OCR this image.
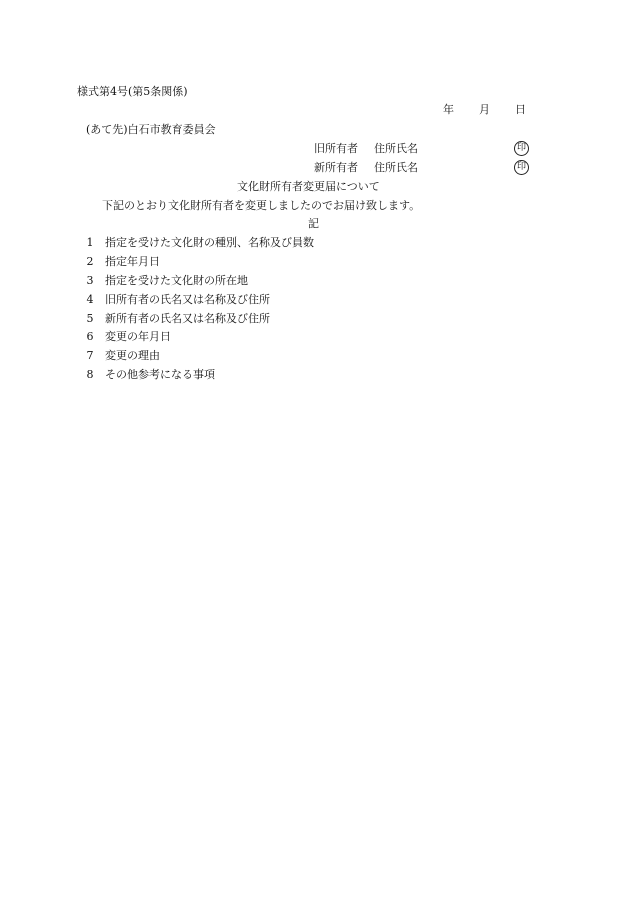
様式第4号(第5条関係)
年 月 日
(あて先)白石市教育委員会
旧所有者 住所氏名	印
新所有者 住所氏名	印
文化財所有者変更届について
下記のとおり文化財所有者を変更しましたのでお届け致します。
記
1 指定を受けた文化財の種別、名称及び員数
2 指定年月日
3 指定を受けた文化財の所在地
4 旧所有者の氏名又は名称及び住所
5 新所有者の氏名又は名称及び住所
6 変更の年月日
7 変更の理由
8 その他参考になる事項
